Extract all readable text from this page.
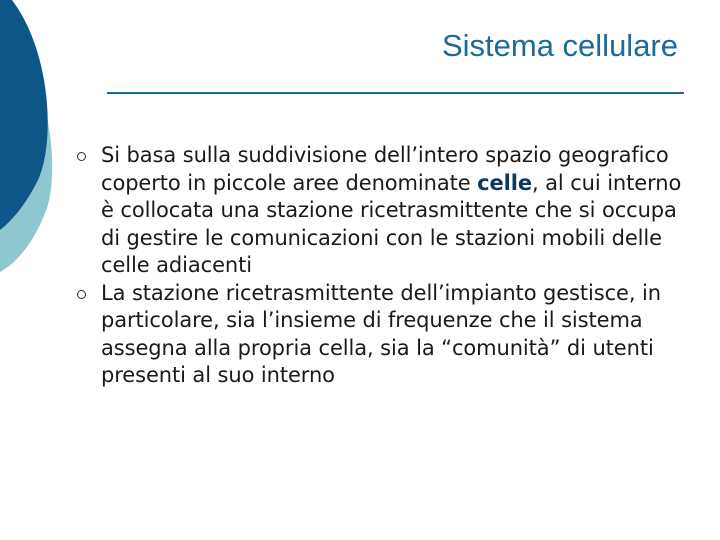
Sistema cellulare
Si basa sulla suddivisione dell’intero spazio geografico coperto in piccole aree denominate celle, al cui interno è collocata una stazione ricetrasmittente che si occupa di gestire le comunicazioni con le stazioni mobili delle celle adiacenti
La stazione ricetrasmittente dell’impianto gestisce, in particolare, sia l’insieme di frequenze che il sistema assegna alla propria cella, sia la “comunità” di utenti presenti al suo interno
